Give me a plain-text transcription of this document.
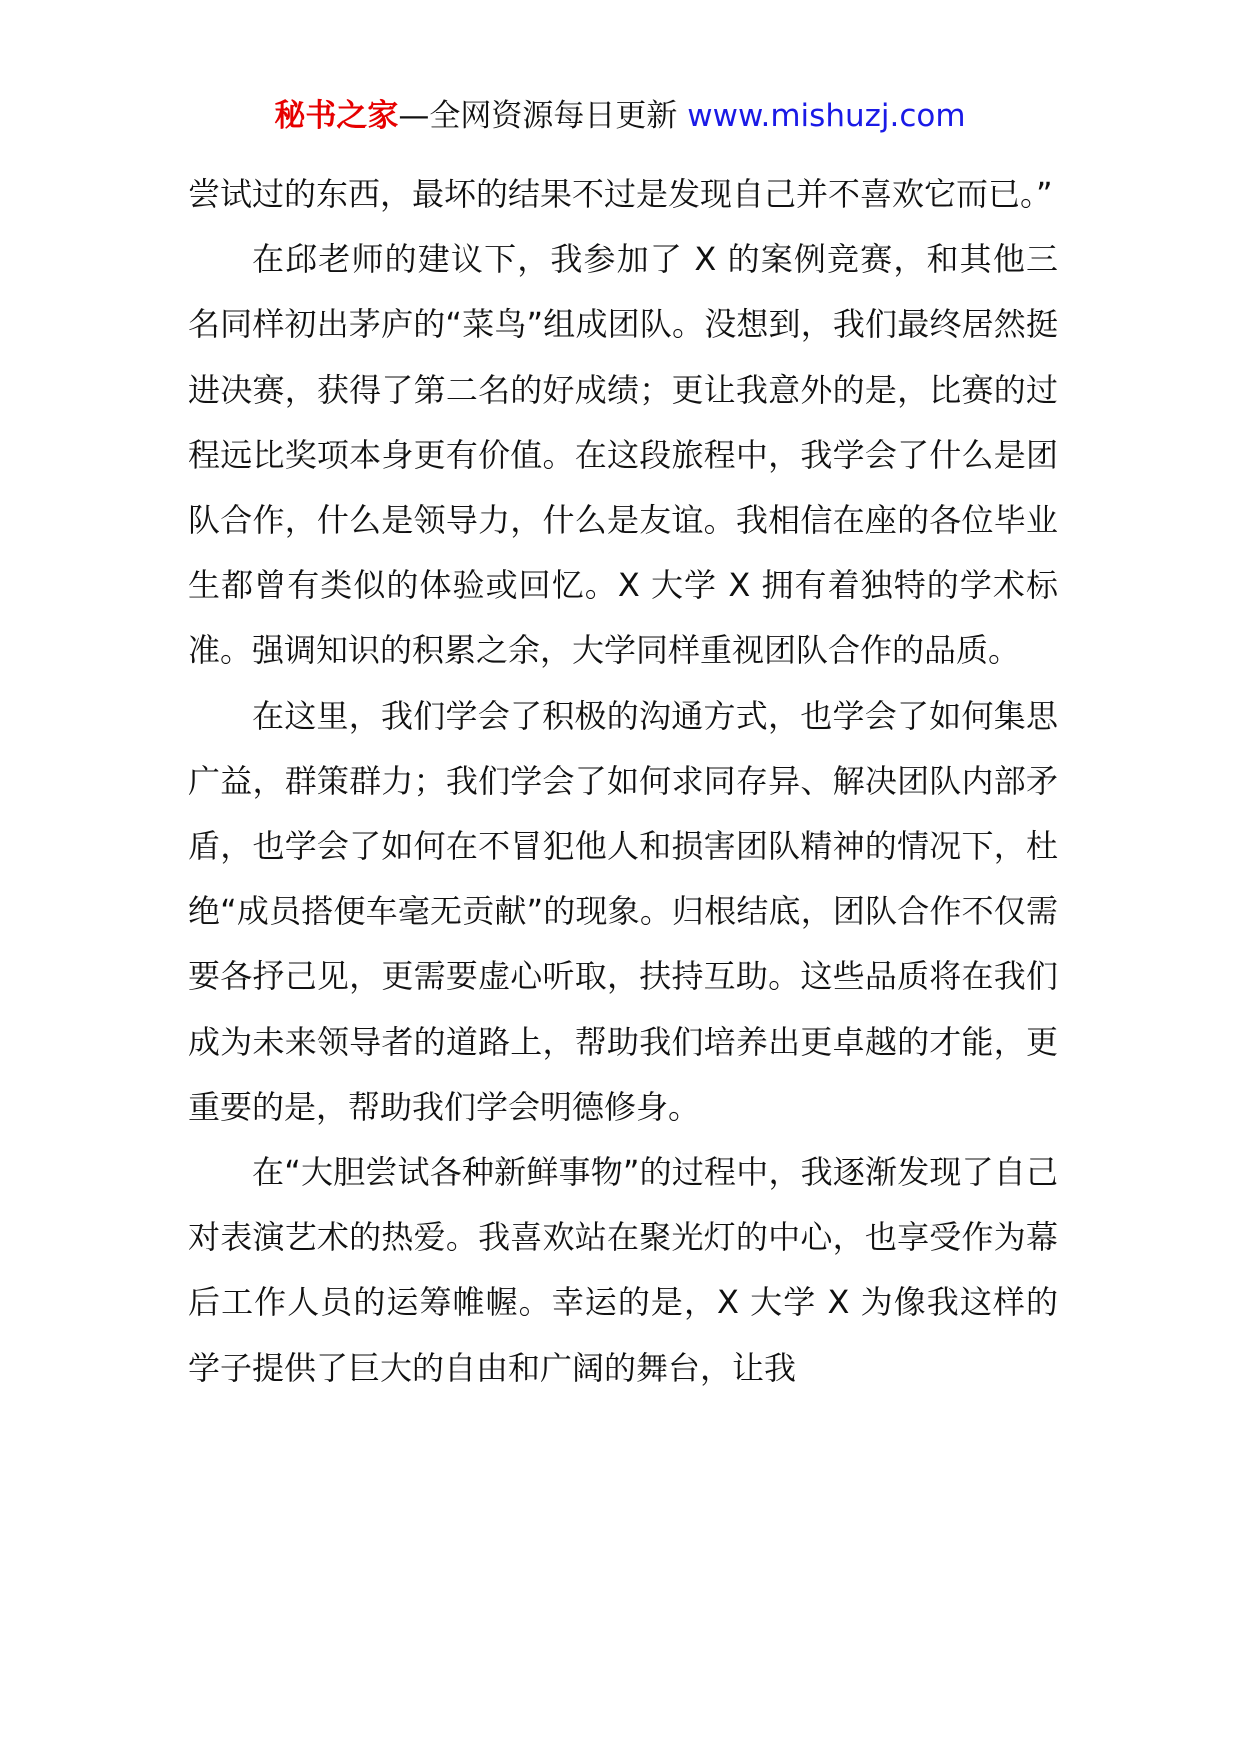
秘书之家—全网资源每日更新 www.mishuzj.com

尝试过的东西，最坏的结果不过是发现自己并不喜欢它而已。”

在邱老师的建议下，我参加了 X 的案例竞赛，和其他三名同样初出茅庐的“菜鸟”组成团队。没想到，我们最终居然挺进决赛，获得了第二名的好成绩；更让我意外的是，比赛的过程远比奖项本身更有价值。在这段旅程中，我学会了什么是团队合作，什么是领导力，什么是友谊。我相信在座的各位毕业生都曾有类似的体验或回忆。X 大学 X 拥有着独特的学术标准。强调知识的积累之余，大学同样重视团队合作的品质。

在这里，我们学会了积极的沟通方式，也学会了如何集思广益，群策群力；我们学会了如何求同存异、解决团队内部矛盾，也学会了如何在不冒犯他人和损害团队精神的情况下，杜绝“成员搭便车毫无贡献”的现象。归根结底，团队合作不仅需要各抒己见，更需要虚心听取，扶持互助。这些品质将在我们成为未来领导者的道路上，帮助我们培养出更卓越的才能，更重要的是，帮助我们学会明德修身。

在“大胆尝试各种新鲜事物”的过程中，我逐渐发现了自己对表演艺术的热爱。我喜欢站在聚光灯的中心，也享受作为幕后工作人员的运筹帷幄。幸运的是，X 大学 X 为像我这样的学子提供了巨大的自由和广阔的舞台，让我
